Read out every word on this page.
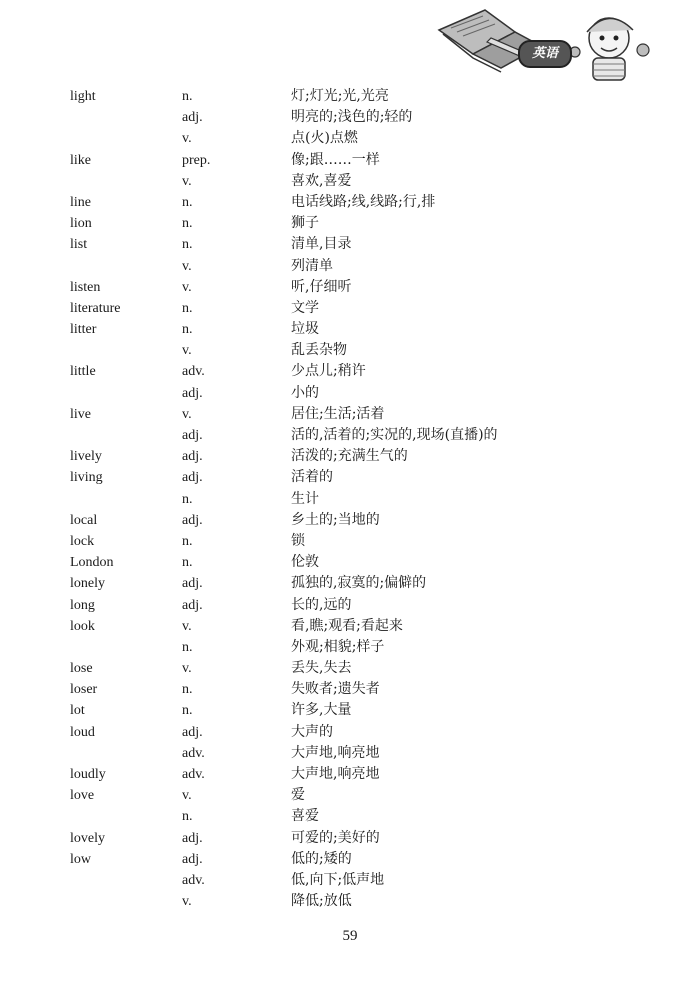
英语
light	n.	灯;灯光;光,光亮
adj.	明亮的;浅色的;轻的
v.	点(火)点燃
like	prep.	像;跟……一样
v.	喜欢,喜爱
line	n.	电话线路;线,线路;行,排
lion	n.	狮子
list	n.	清单,目录
v.	列清单
listen	v.	听,仔细听
literature	n.	文学
litter	n.	垃圾
v.	乱丢杂物
little	adv.	少点儿;稍许
adj.	小的
live	v.	居住;生活;活着
adj.	活的,活着的;实况的,现场(直播)的
lively	adj.	活泼的;充满生气的
living	adj.	活着的
n.	生计
local	adj.	乡土的;当地的
lock	n.	锁
London	n.	伦敦
lonely	adj.	孤独的,寂寞的;偏僻的
long	adj.	长的,远的
look	v.	看,瞧;观看;看起来
n.	外观;相貌;样子
lose	v.	丢失,失去
loser	n.	失败者;遗失者
lot	n.	许多,大量
loud	adj.	大声的
adv.	大声地,响亮地
loudly	adv.	大声地,响亮地
love	v.	爱
n.	喜爱
lovely	adj.	可爱的;美好的
low	adj.	低的;矮的
adv.	低,向下;低声地
v.	降低;放低
59
